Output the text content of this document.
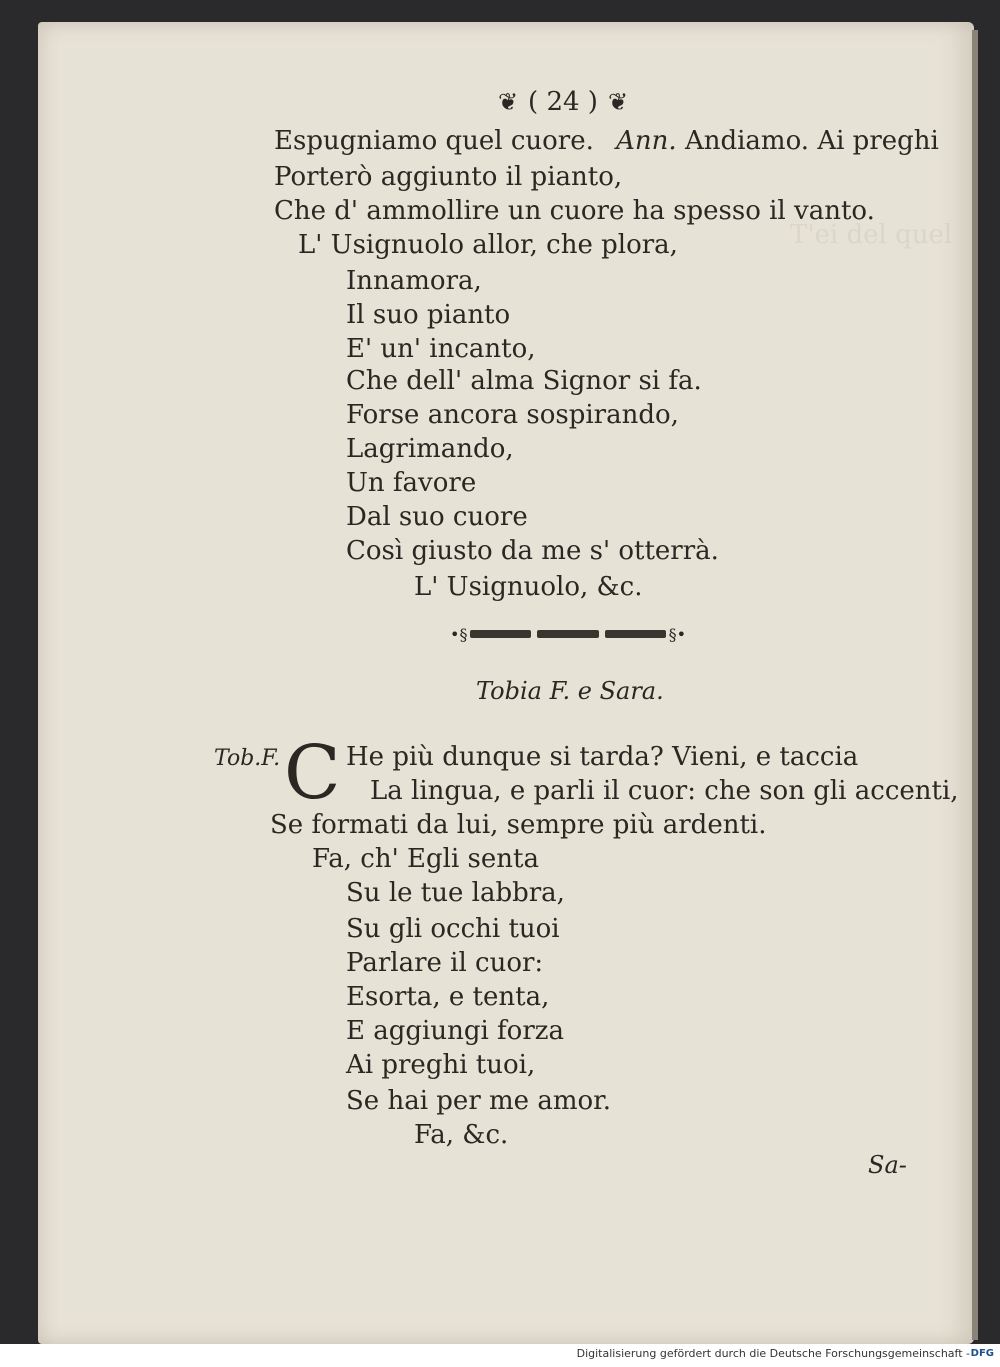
T'ei del quel
❦ ( 24 ) ❦
Espugniamo quel cuore. Ann. Andiamo. Ai preghi
Porterò aggiunto il pianto,
Che d' ammollire un cuore ha spesso il vanto.
L' Usignuolo allor, che plora,
Innamora,
Il suo pianto
E' un' incanto,
Che dell' alma Signor si fa.
Forse ancora sospirando,
Lagrimando,
Un favore
Dal suo cuore
Così giusto da me s' otterrà.
L' Usignuolo, &c.
•§	§•
Tobia F. e Sara.
Tob.F. C He più dunque si tarda? Vieni, e taccia
La lingua, e parli il cuor: che son gli accenti,
Se formati da lui, sempre più ardenti.
Fa, ch' Egli senta
Su le tue labbra,
Su gli occhi tuoi
Parlare il cuor:
Esorta, e tenta,
E aggiungi forza
Ai preghi tuoi,
Se hai per me amor.
Fa, &c.
Sa-
Digitalisierung gefördert durch die Deutsche Forschungsgemeinschaft - DFG
